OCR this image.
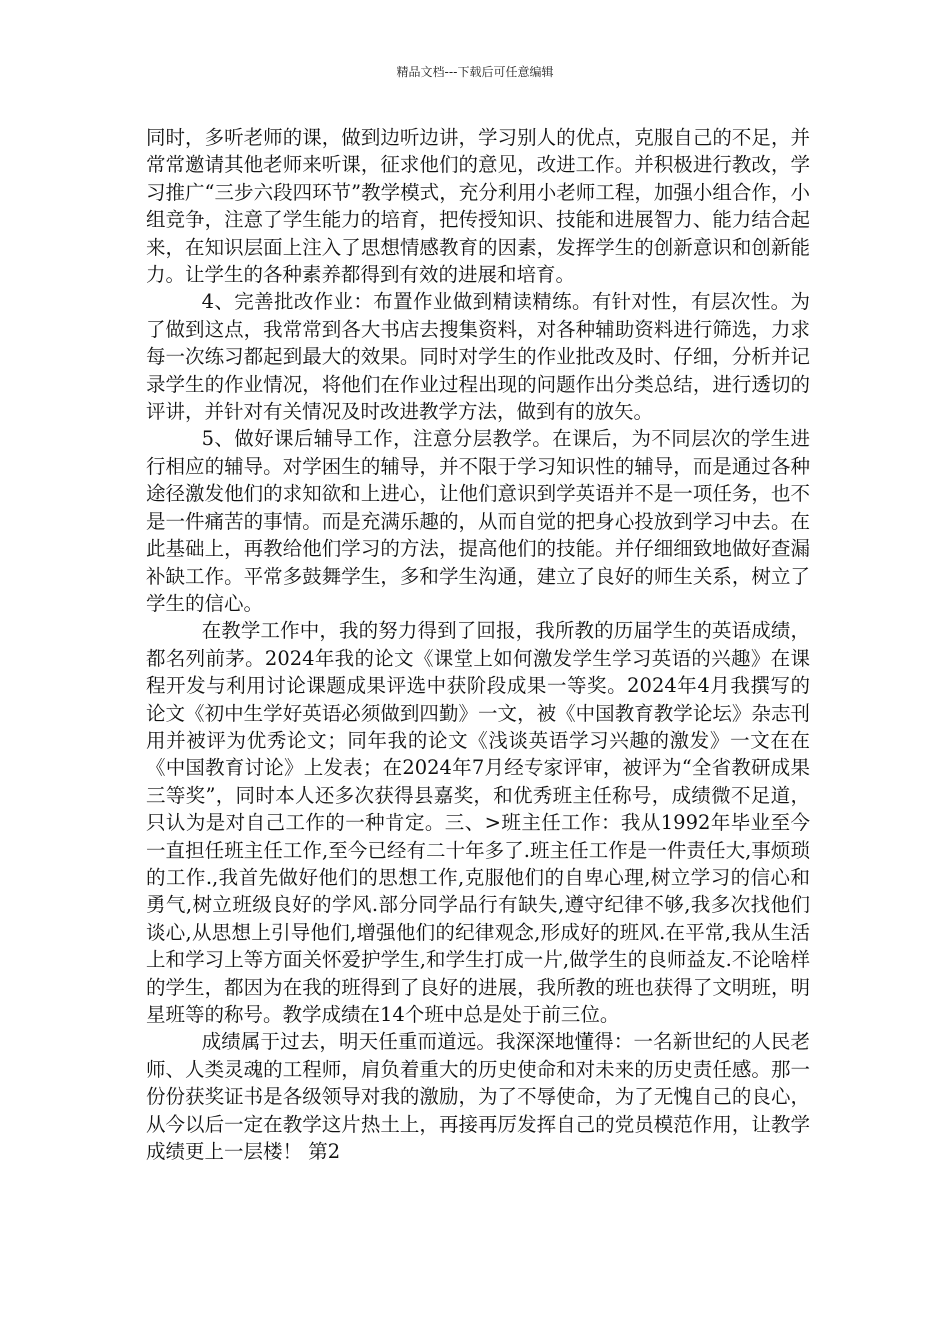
精品文档---下载后可任意编辑

同时，多听老师的课，做到边听边讲，学习别人的优点，克服自己的不足，并常常邀请其他老师来听课，征求他们的意见，改进工作。并积极进行教改，学习推广“三步六段四环节”教学模式，充分利用小老师工程，加强小组合作，小组竞争，注意了学生能力的培育，把传授知识、技能和进展智力、能力结合起来，在知识层面上注入了思想情感教育的因素，发挥学生的创新意识和创新能力。让学生的各种素养都得到有效的进展和培育。

4、完善批改作业：布置作业做到精读精练。有针对性，有层次性。为了做到这点，我常常到各大书店去搜集资料，对各种辅助资料进行筛选，力求每一次练习都起到最大的效果。同时对学生的作业批改及时、仔细，分析并记录学生的作业情况，将他们在作业过程出现的问题作出分类总结，进行透切的评讲，并针对有关情况及时改进教学方法，做到有的放矢。

5、做好课后辅导工作，注意分层教学。在课后，为不同层次的学生进行相应的辅导。对学困生的辅导，并不限于学习知识性的辅导，而是通过各种途径激发他们的求知欲和上进心，让他们意识到学英语并不是一项任务，也不是一件痛苦的事情。而是充满乐趣的，从而自觉的把身心投放到学习中去。在此基础上，再教给他们学习的方法，提高他们的技能。并仔细细致地做好查漏补缺工作。平常多鼓舞学生，多和学生沟通，建立了良好的师生关系，树立了学生的信心。

在教学工作中，我的努力得到了回报，我所教的历届学生的英语成绩，都名列前茅。2024年我的论文《课堂上如何激发学生学习英语的兴趣》在课程开发与利用讨论课题成果评选中获阶段成果一等奖。2024年4月我撰写的论文《初中生学好英语必须做到四勤》一文，被《中国教育教学论坛》杂志刊用并被评为优秀论文；同年我的论文《浅谈英语学习兴趣的激发》一文在在《中国教育讨论》上发表；在2024年7月经专家评审，被评为“全省教研成果三等奖”，同时本人还多次获得县嘉奖，和优秀班主任称号，成绩微不足道，只认为是对自己工作的一种肯定。三、>班主任工作：我从1992年毕业至今一直担任班主任工作,至今已经有二十年多了.班主任工作是一件责任大,事烦琐的工作.,我首先做好他们的思想工作,克服他们的自卑心理,树立学习的信心和勇气,树立班级良好的学风.部分同学品行有缺失,遵守纪律不够,我多次找他们谈心,从思想上引导他们,增强他们的纪律观念,形成好的班风.在平常,我从生活上和学习上等方面关怀爱护学生,和学生打成一片,做学生的良师益友.不论啥样的学生，都因为在我的班得到了良好的进展，我所教的班也获得了文明班，明星班等的称号。教学成绩在14个班中总是处于前三位。

成绩属于过去，明天任重而道远。我深深地懂得：一名新世纪的人民老师、人类灵魂的工程师，肩负着重大的历史使命和对未来的历史责任感。那一份份获奖证书是各级领导对我的激励，为了不辱使命，为了无愧自己的良心，从今以后一定在教学这片热土上，再接再厉发挥自己的党员模范作用，让教学成绩更上一层楼！ 第2
